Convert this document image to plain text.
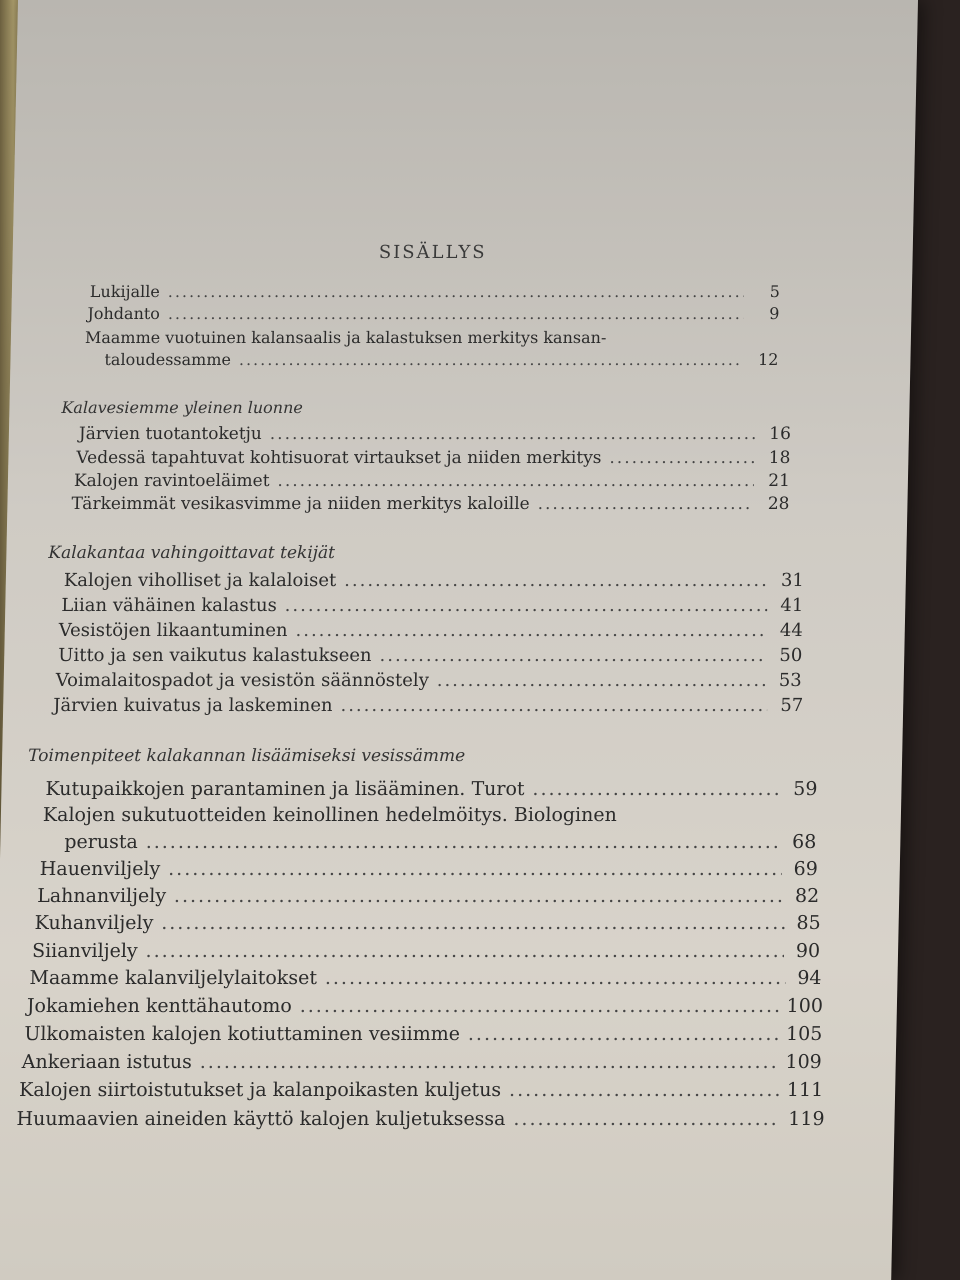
SISÄLLYS
Lukijalle .....	5
Johdanto .....	9
Maamme vuotuinen kalansaalis ja kalastuksen merkitys kansan-
taloudessamme .....	12
Kalavesiemme yleinen luonne
Järvien tuotantoketju .....	16
Vedessä tapahtuvat kohtisuorat virtaukset ja niiden merkitys .....	18
Kalojen ravintoeläimet .....	21
Tärkeimmät vesikasvimme ja niiden merkitys kaloille .....	28
Kalakantaa vahingoittavat tekijät
Kalojen viholliset ja kalaloiset .....	31
Liian vähäinen kalastus .....	41
Vesistöjen likaantuminen .....	44
Uitto ja sen vaikutus kalastukseen .....	50
Voimalaitospadot ja vesistön säännöstely .....	53
Järvien kuivatus ja laskeminen .....	57
Toimenpiteet kalakannan lisäämiseksi vesissämme
Kutupaikkojen parantaminen ja lisääminen. Turot .....	59
Kalojen sukutuotteiden keinollinen hedelmöitys. Biologinen
perusta .....	68
Hauenviljely .....	69
Lahnanviljely .....	82
Kuhanviljely .....	85
Siianviljely .....	90
Maamme kalanviljelylaitokset .....	94
Jokamiehen kenttähautomo .....	100
Ulkomaisten kalojen kotiuttaminen vesiimme .....	105
Ankeriaan istutus .....	109
Kalojen siirtoistutukset ja kalanpoikasten kuljetus .....	111
Huumaavien aineiden käyttö kalojen kuljetuksessa .....	119
